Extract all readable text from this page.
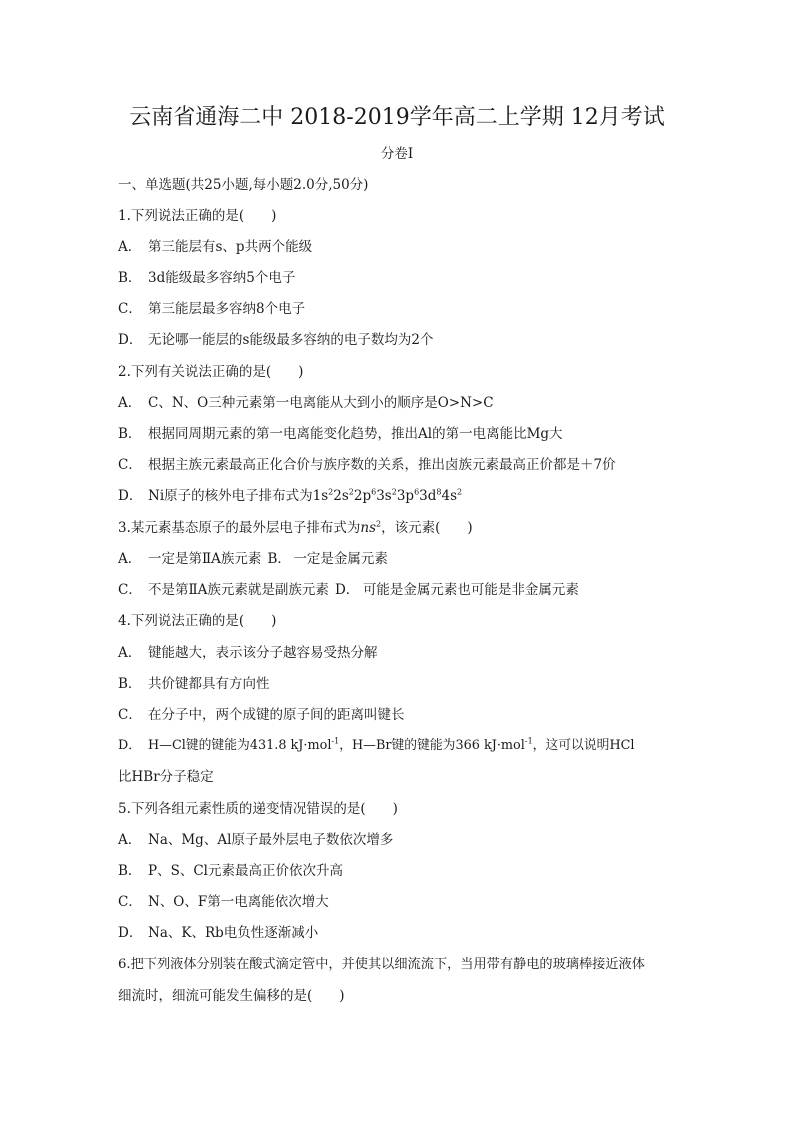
云南省通海二中 2018-2019学年高二上学期 12月考试
分卷I
一、单选题(共25小题,每小题2.0分,50分)
1.下列说法正确的是(　　)
A． 第三能层有s、p共两个能级
B． 3d能级最多容纳5个电子
C． 第三能层最多容纳8个电子
D． 无论哪一能层的s能级最多容纳的电子数均为2个
2.下列有关说法正确的是(　　)
A． C、N、O三种元素第一电离能从大到小的顺序是O>N>C
B． 根据同周期元素的第一电离能变化趋势，推出Al的第一电离能比Mg大
C． 根据主族元素最高正化合价与族序数的关系，推出卤族元素最高正价都是＋7价
D． Ni原子的核外电子排布式为$1s^22s^22p^63s^23p^63d^84s^2$
3.某元素基态原子的最外层电子排布式为$ns^2$，该元素(　　)
A． 一定是第ⅡA族元素 B． 一定是金属元素
C． 不是第ⅡA族元素就是副族元素 D． 可能是金属元素也可能是非金属元素
4.下列说法正确的是(　　)
A． 键能越大，表示该分子越容易受热分解
B． 共价键都具有方向性
C． 在分子中，两个成键的原子间的距离叫键长
D． H—Cl键的键能为431.8 kJ·mol$^{-1}$，H—Br键的键能为366 kJ·mol$^{-1}$，这可以说明HCl
比HBr分子稳定
5.下列各组元素性质的递变情况错误的是(　　)
A． Na、Mg、Al原子最外层电子数依次增多
B． P、S、Cl元素最高正价依次升高
C． N、O、F第一电离能依次增大
D． Na、K、Rb电负性逐渐减小
6.把下列液体分别装在酸式滴定管中，并使其以细流流下，当用带有静电的玻璃棒接近液体
细流时，细流可能发生偏移的是(　　)
